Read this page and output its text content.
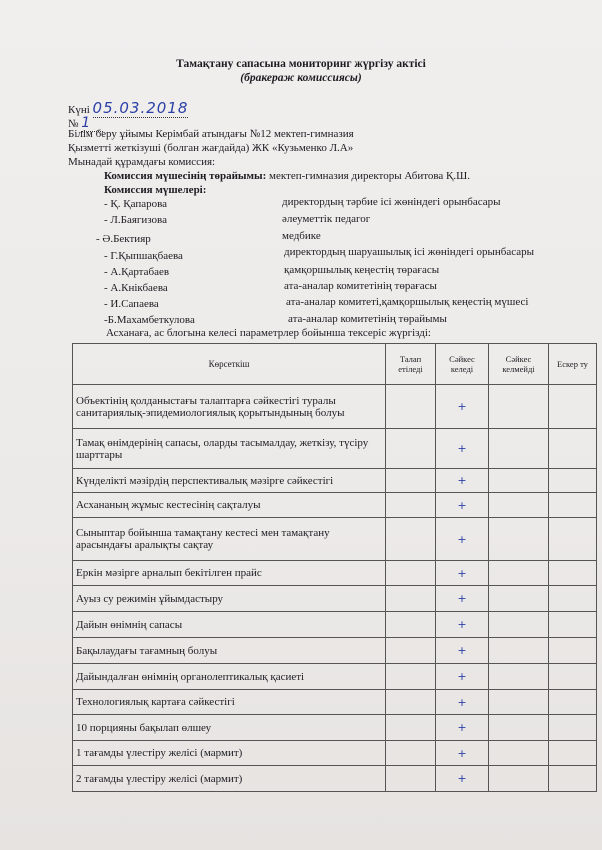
Тамақтану сапасына мониторинг жүргізу актісі
(бракераж комиссиясы)
Күні 05.03.2018
№ 1
Білім беру ұйымы Керімбай атындағы №12 мектеп-гимназия
Қызметті жеткізуші (болган жағдайда) ЖК «Кузьменко Л.А»
Мынадай құрамдағы комиссия:
Комиссия мүшесінің төрайымы: мектеп-гимназия директоры Абитова Қ.Ш.
Комиссия мүшелері:
- Қ. Қапарова	директордың тәрбие ісі жөніндегі орынбасары
- Л.Баягизова	әлеуметтік педагог
- Ә.Бектияр	медбике
- Г.Қыпшақбаева	директордың шаруашылық ісі жөніндегі орынбасары
- А.Қартабаев	қамқоршылық кеңестің төрағасы
- А.Кнікбаева	ата-аналар комитетінің төрағасы
- И.Сапаева	ата-аналар комитеті,қамқоршылық кеңестің мүшесі
-Б.Махамбеткулова	ата-аналар комитетінің төрайымы
Асханаға, ас блогына келесі параметрлер бойынша тексеріс жүргізді:
Көрсеткіш	Талап етіледі	Сәйкес келеді	Сәйкес келмейді	Ескер ту
Объектінің қолданыстағы талаптарға сәйкестігі туралы санитариялық-эпидемиологиялық қорытындының болуы		+		
Тамақ өнімдерінің сапасы, оларды тасымалдау, жеткізу, түсіру шарттары		+		
Күнделікті мәзірдің перспективалық мәзірге сәйкестігі		+		
Асхананың жұмыс кестесінің сақталуы		+		
Сыныптар бойынша тамақтану кестесі мен тамақтану арасындағы аралықты сақтау		+		
Еркін мәзірге арналып бекітілген прайс		+		
Ауыз су режимін ұйымдастыру		+		
Дайын өнімнің сапасы		+		
Бақылаудағы тағамның болуы		+		
Дайындалған өнімнің органолептикалық қасиеті		+		
Технологиялық картаға сәйкестігі		+		
10 порцияны бақылап өлшеу		+		
1 тағамды үлестіру желісі (мармит)		+		
2 тағамды үлестіру желісі (мармит)		+		
